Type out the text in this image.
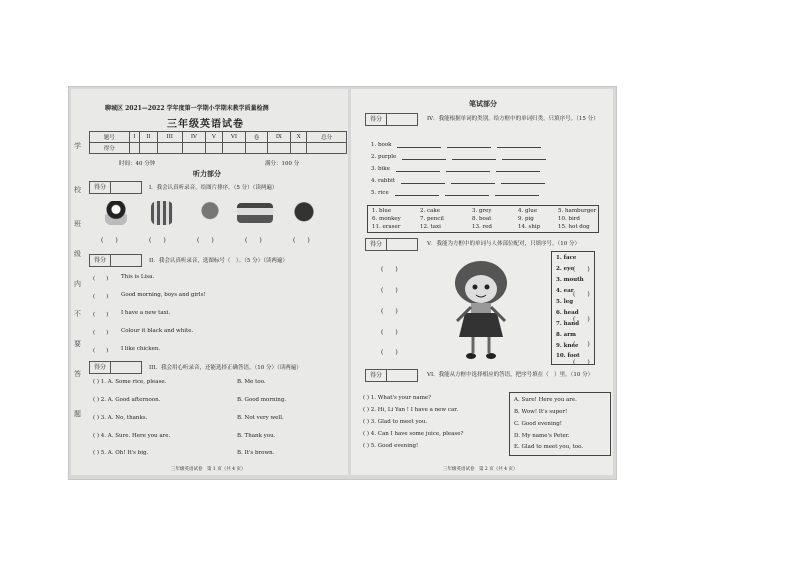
学
校
班
级
内
不
要
答
题
聊城区 2021—2022 学年度第一学期小学期末教学质量检测
三年级英语试卷
题号	I	II	III	IV	V	VI	卷	IX	X	总分
得分										
时间：40 分钟	满分：100 分
听力部分
得分	I．我会认真听录音，给图片排序。（5 分）（读两遍）
(　　)	(　　)	(　　)	(　　)	(　　)
得分	II．我会认真听录音，选图标号（　）。（5 分）（读两遍）
(　　) This is Lisa.
(　　) Good morning, boys and girls!
(　　) I have a new taxi.
(　　) Colour it black and white.
(　　) I like chicken.
得分	III．我会用心听录音，还能选择正确答语。（10 分）（读两遍）
( ) 1. A. Some rice, please.	B. Me too.
( ) 2. A. Good afternoon.	B. Good morning.
( ) 3. A. No, thanks.	B. Not very well.
( ) 4. A. Sure. Here you are.	B. Thank you.
( ) 5. A. Oh! It's big.	B. It's brown.
三年级英语试卷　第 1 页（共 4 页）
笔试部分
得分	IV．我能根据单词的类别，给方框中的单词归类，只填序号。（15 分）
1. book
2. purple
3. bike
4. rabbit
5. rice
1. blue	2. cake	3. grey	4. glue	5. hamburger
6. monkey	7. pencil	8. boat	9. pig	10. bird
11. eraser	12. taxi	13. red	14. ship	15. hot dog
得分	V．我能为方框中的单词与人体部位配对，只填序号。（10 分）
(　　)
(　　)
(　　)
(　　)
(　　)
(　　)
(　　)
(　　)
(　　)
(　　)
1. face
2. eye
3. mouth
4. ear
5. leg
6. head
7. hand
8. arm
9. knee
10. foot
得分	VI．我能从方框中选择相应的答语，把序号填在（　）里。（10 分）
( ) 1. What's your name?
( ) 2. Hi, Li Yan ! I have a new car.
( ) 3. Glad to meet you.
( ) 4. Can I have some juice, please?
( ) 5. Good evening!
A. Sure! Here you are.
B. Wow! It's super!
C. Good evening!
D. My name's Peter.
E. Glad to meet you, too.
三年级英语试卷　第 2 页（共 4 页）
